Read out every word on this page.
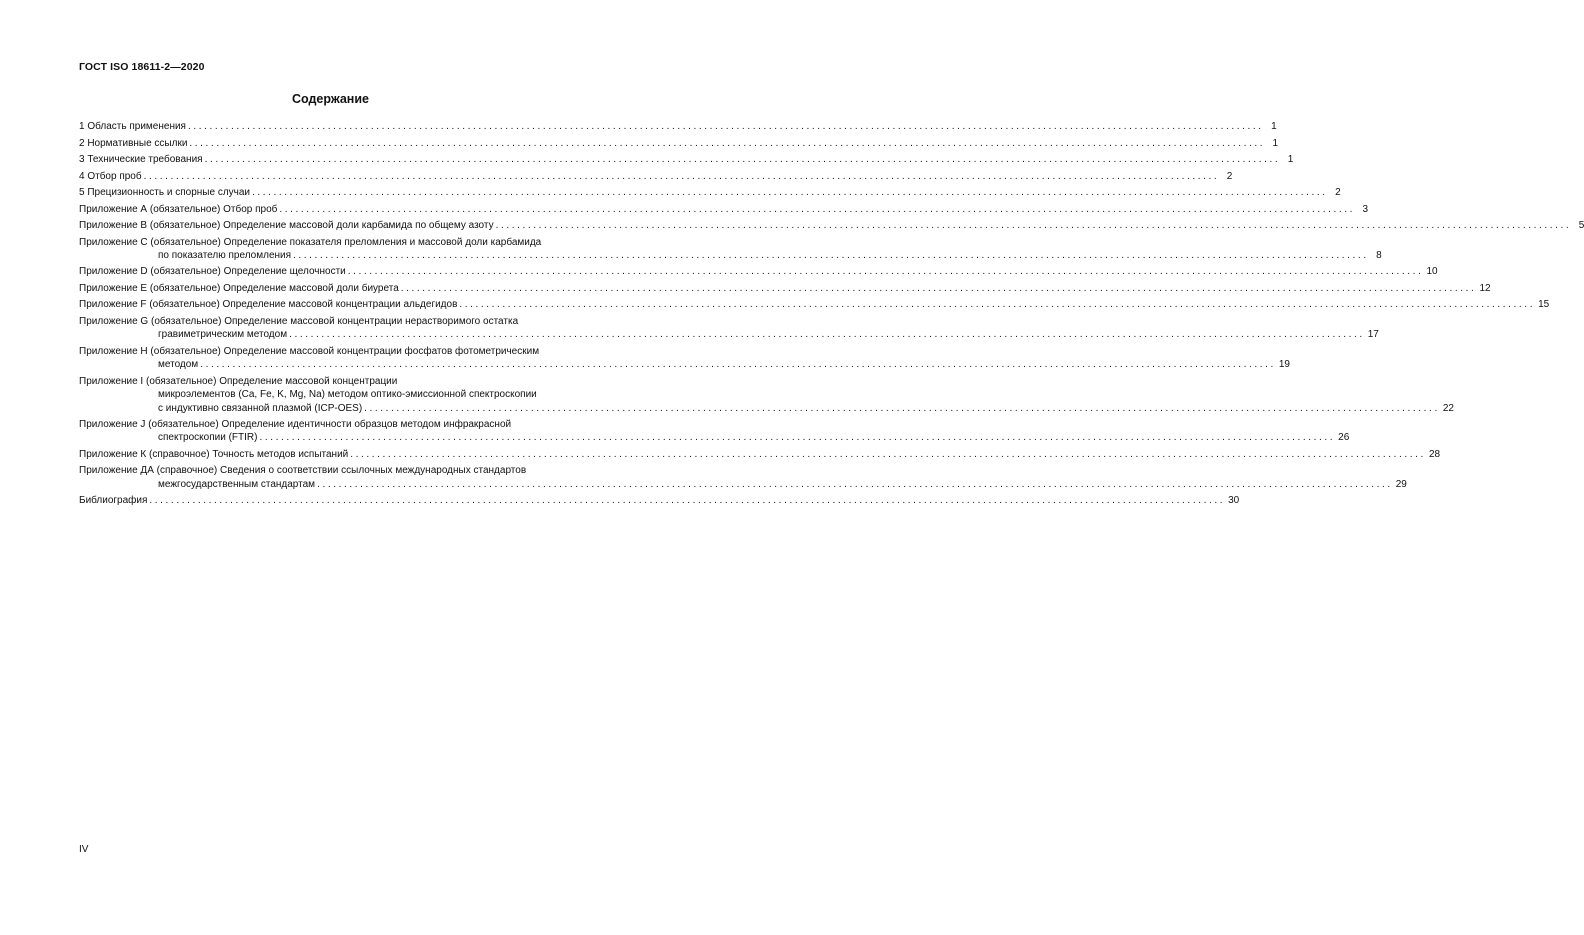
ГОСТ ISO 18611-2—2020
Содержание
1 Область применения ........................................................................................................................................................................................................ 1
2 Нормативные ссылки ........................................................................................................................................................................................................ 1
3 Технические требования ........................................................................................................................................................................................................ 1
4 Отбор проб ........................................................................................................................................................................................................ 2
5 Прецизионность и спорные случаи ........................................................................................................................................................................................................ 2
Приложение А (обязательное) Отбор проб ........................................................................................................................................................................................................ 3
Приложение В (обязательное) Определение массовой доли карбамида по общему азоту ........................................................................................................................................................................................................ 5
Приложение С (обязательное) Определение показателя преломления и массовой доли карбамида
по показателю преломления ........................................................................................................................................................................................................ 8
Приложение D (обязательное) Определение щелочности ........................................................................................................................................................................................................ 10
Приложение Е (обязательное) Определение массовой доли биурета ........................................................................................................................................................................................................ 12
Приложение F (обязательное) Определение массовой концентрации альдегидов ........................................................................................................................................................................................................ 15
Приложение G (обязательное) Определение массовой концентрации нерастворимого остатка
гравиметрическим методом ........................................................................................................................................................................................................ 17
Приложение Н (обязательное) Определение массовой концентрации фосфатов фотометрическим
методом ........................................................................................................................................................................................................ 19
Приложение I (обязательное) Определение массовой концентрации
микроэлементов (Ca, Fe, K, Mg, Na) методом оптико-эмиссионной спектроскопии
с индуктивно связанной плазмой (ICP-OES) ........................................................................................................................................................................................................ 22
Приложение J (обязательное) Определение идентичности образцов методом инфракрасной
спектроскопии (FTIR) ........................................................................................................................................................................................................ 26
Приложение К (справочное) Точность методов испытаний ........................................................................................................................................................................................................ 28
Приложение ДА (справочное) Сведения о соответствии ссылочных международных стандартов
межгосударственным стандартам ........................................................................................................................................................................................................ 29
Библиография ........................................................................................................................................................................................................ 30
IV
